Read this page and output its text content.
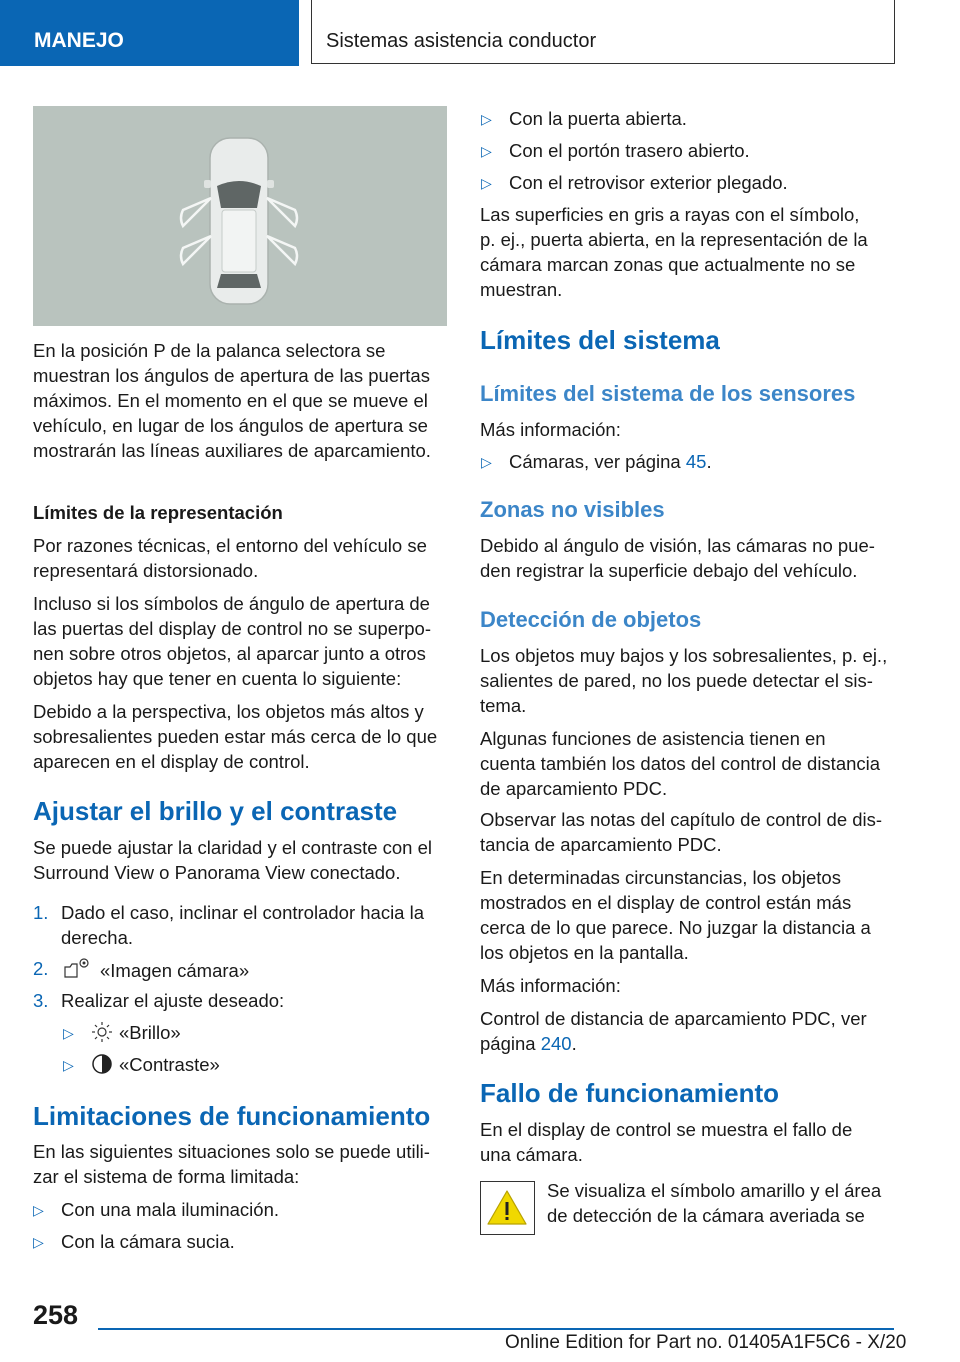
MANEJO	Sistemas asistencia conductor

En la posición P de la palanca selectora se

muestran los ángulos de apertura de las puertas

máximos. En el momento en el que se mueve el

vehículo, en lugar de los ángulos de apertura se

mostrarán las líneas auxiliares de aparcamiento.

Límites de la representación

Por razones técnicas, el entorno del vehículo se

representará distorsionado.

Incluso si los símbolos de ángulo de apertura de

las puertas del display de control no se superpo‐

nen sobre otros objetos, al aparcar junto a otros

objetos hay que tener en cuenta lo siguiente:

Debido a la perspectiva, los objetos más altos y

sobresalientes pueden estar más cerca de lo que

aparecen en el display de control.

Ajustar el brillo y el contraste

Se puede ajustar la claridad y el contraste con el

Surround View o Panorama View conectado.

1. Dado el caso, inclinar el controlador hacia la

derecha.

2.	«Imagen cámara»

3. Realizar el ajuste deseado:

▷ «Brillo»

▷ «Contraste»

Limitaciones de funcionamiento

En las siguientes situaciones solo se puede utili‐

zar el sistema de forma limitada:

▷ Con una mala iluminación.

▷ Con la cámara sucia.

▷ Con la puerta abierta.

▷ Con el portón trasero abierto.

▷ Con el retrovisor exterior plegado.

Las superficies en gris a rayas con el símbolo,

p. ej., puerta abierta, en la representación de la

cámara marcan zonas que actualmente no se

muestran.

Límites del sistema
Límites del sistema de los sensores

Más información:

▷ Cámaras, ver página 45.

Zonas no visibles

Debido al ángulo de visión, las cámaras no pue‐

den registrar la superficie debajo del vehículo.

Detección de objetos

Los objetos muy bajos y los sobresalientes, p. ej.,

salientes de pared, no los puede detectar el sis‐

tema.

Algunas funciones de asistencia tienen en

cuenta también los datos del control de distancia

de aparcamiento PDC.

Observar las notas del capítulo de control de dis‐

tancia de aparcamiento PDC.

En determinadas circunstancias, los objetos

mostrados en el display de control están más

cerca de lo que parece. No juzgar la distancia a

los objetos en la pantalla.

Más información:

Control de distancia de aparcamiento PDC, ver

página 240.

Fallo de funcionamiento

En el display de control se muestra el fallo de

una cámara.

Se visualiza el símbolo amarillo y el área

de detección de la cámara averiada se

258
Online Edition for Part no. 01405A1F5C6 - X/20
